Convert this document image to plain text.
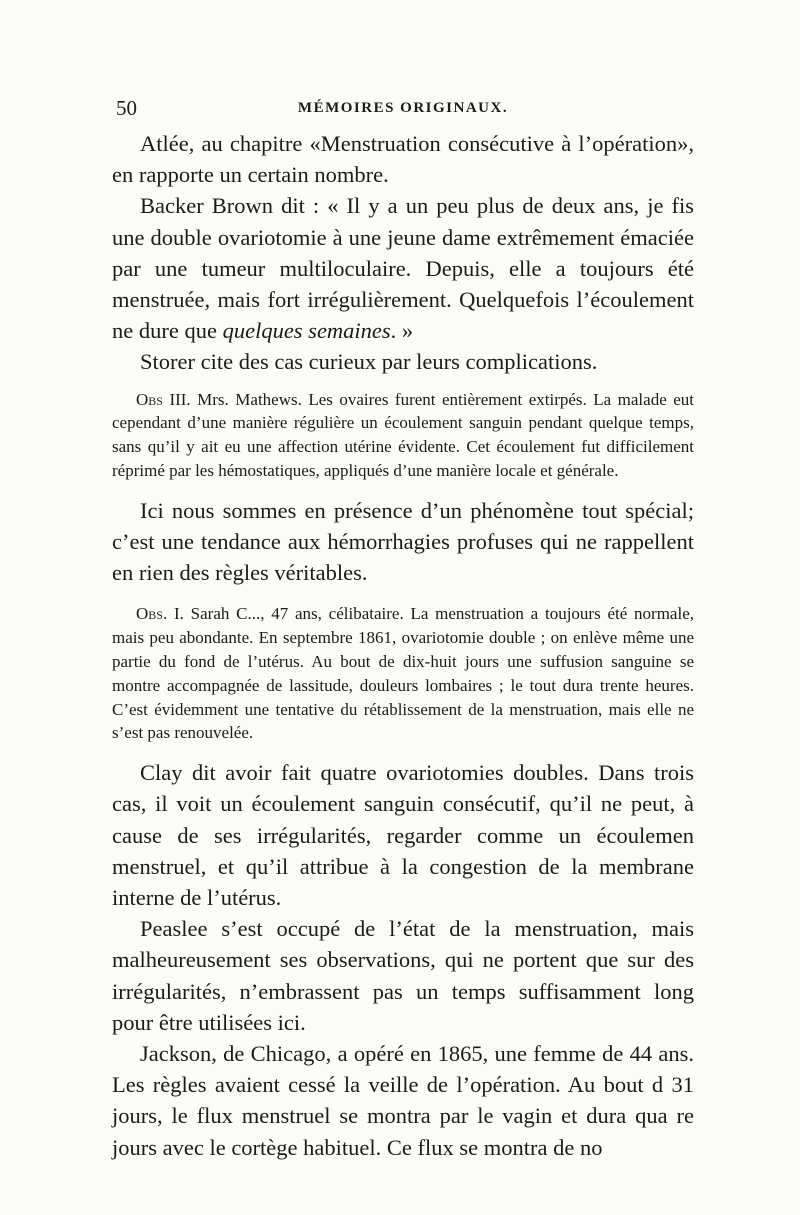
50	MÉMOIRES ORIGINAUX.

Atlée, au chapitre «Menstruation consécutive à l’opération», en rapporte un certain nombre.

Backer Brown dit : « Il y a un peu plus de deux ans, je fis une double ovariotomie à une jeune dame extrêmement émaciée par une tumeur multiloculaire. Depuis, elle a toujours été menstruée, mais fort irrégulièrement. Quelquefois l’écoulement ne dure que quelques semaines. »

Storer cite des cas curieux par leurs complications.

Obs III. Mrs. Mathews. Les ovaires furent entièrement extirpés. La malade eut cependant d’une manière régulière un écoulement sanguin pendant quelque temps, sans qu’il y ait eu une affection utérine évidente. Cet écoulement fut difficilement réprimé par les hémostatiques, appliqués d’une manière locale et générale.

Ici nous sommes en présence d’un phénomène tout spécial; c’est une tendance aux hémorrhagies profuses qui ne rappellent en rien des règles véritables.

Obs. I. Sarah C..., 47 ans, célibataire. La menstruation a toujours été normale, mais peu abondante. En septembre 1861, ovariotomie double ; on enlève même une partie du fond de l’utérus. Au bout de dix-huit jours une suffusion sanguine se montre accompagnée de lassitude, douleurs lombaires ; le tout dura trente heures. C’est évidemment une tentative du rétablissement de la menstruation, mais elle ne s’est pas renouvelée.

Clay dit avoir fait quatre ovariotomies doubles. Dans trois cas, il voit un écoulement sanguin consécutif, qu’il ne peut, à cause de ses irrégularités, regarder comme un écoulemen menstruel, et qu’il attribue à la congestion de la membrane interne de l’utérus.

Peaslee s’est occupé de l’état de la menstruation, mais malheureusement ses observations, qui ne portent que sur des irrégularités, n’embrassent pas un temps suffisamment long pour être utilisées ici.

Jackson, de Chicago, a opéré en 1865, une femme de 44 ans. Les règles avaient cessé la veille de l’opération. Au bout d 31 jours, le flux menstruel se montra par le vagin et dura qua re jours avec le cortège habituel. Ce flux se montra de no
